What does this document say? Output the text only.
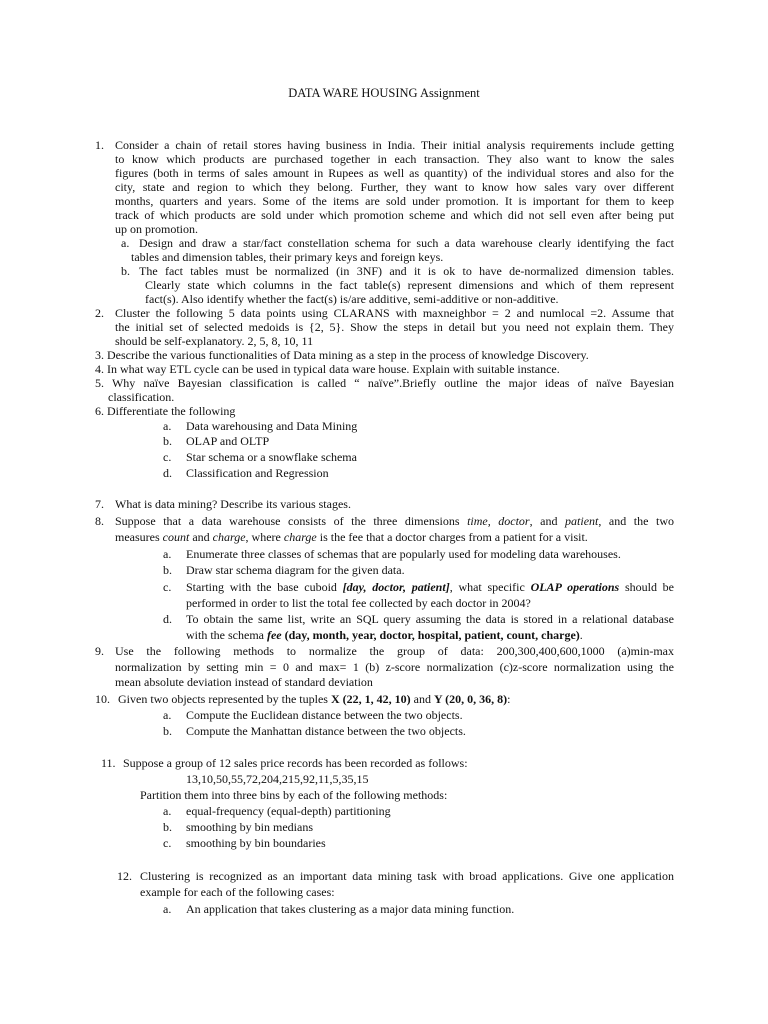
DATA WARE HOUSING Assignment
1. Consider a chain of retail stores having business in India. Their initial analysis requirements include getting
to know which products are purchased together in each transaction. They also want to know the sales
figures (both in terms of sales amount in Rupees as well as quantity) of the individual stores and also for the
city, state and region to which they belong. Further, they want to know how sales vary over different
months, quarters and years. Some of the items are sold under promotion. It is important for them to keep
track of which products are sold under which promotion scheme and which did not sell even after being put
up on promotion.
a. Design and draw a star/fact constellation schema for such a data warehouse clearly identifying the fact
tables and dimension tables, their primary keys and foreign keys.
b. The fact tables must be normalized (in 3NF) and it is ok to have de-normalized dimension tables.
Clearly state which columns in the fact table(s) represent dimensions and which of them represent
fact(s). Also identify whether the fact(s) is/are additive, semi-additive or non-additive.
2. Cluster the following 5 data points using CLARANS with maxneighbor = 2 and numlocal =2. Assume that
the initial set of selected medoids is {2, 5}. Show the steps in detail but you need not explain them. They
should be self-explanatory. 2, 5, 8, 10, 11
3. Describe the various functionalities of Data mining as a step in the process of knowledge Discovery.
4. In what way ETL cycle can be used in typical data ware house. Explain with suitable instance.
5. Why naïve Bayesian classification is called “ naïve”.Briefly outline the major ideas of naïve Bayesian
classification.
6. Differentiate the following
a. Data warehousing and Data Mining
b. OLAP and OLTP
c. Star schema or a snowflake schema
d. Classification and Regression
7. What is data mining? Describe its various stages.
8. Suppose that a data warehouse consists of the three dimensions time, doctor, and patient, and the two
measures count and charge, where charge is the fee that a doctor charges from a patient for a visit.
a. Enumerate three classes of schemas that are popularly used for modeling data warehouses.
b. Draw star schema diagram for the given data.
c. Starting with the base cuboid [day, doctor, patient], what specific OLAP operations should be
performed in order to list the total fee collected by each doctor in 2004?
d. To obtain the same list, write an SQL query assuming the data is stored in a relational database
with the schema fee (day, month, year, doctor, hospital, patient, count, charge).
9. Use the following methods to normalize the group of data: 200,300,400,600,1000 (a)min-max
normalization by setting min = 0 and max= 1 (b) z-score normalization (c)z-score normalization using the
mean absolute deviation instead of standard deviation
10. Given two objects represented by the tuples X (22, 1, 42, 10) and Y (20, 0, 36, 8):
a. Compute the Euclidean distance between the two objects.
b. Compute the Manhattan distance between the two objects.
11. Suppose a group of 12 sales price records has been recorded as follows:
13,10,50,55,72,204,215,92,11,5,35,15
Partition them into three bins by each of the following methods:
a. equal-frequency (equal-depth) partitioning
b. smoothing by bin medians
c. smoothing by bin boundaries
12. Clustering is recognized as an important data mining task with broad applications. Give one application
example for each of the following cases:
a. An application that takes clustering as a major data mining function.
